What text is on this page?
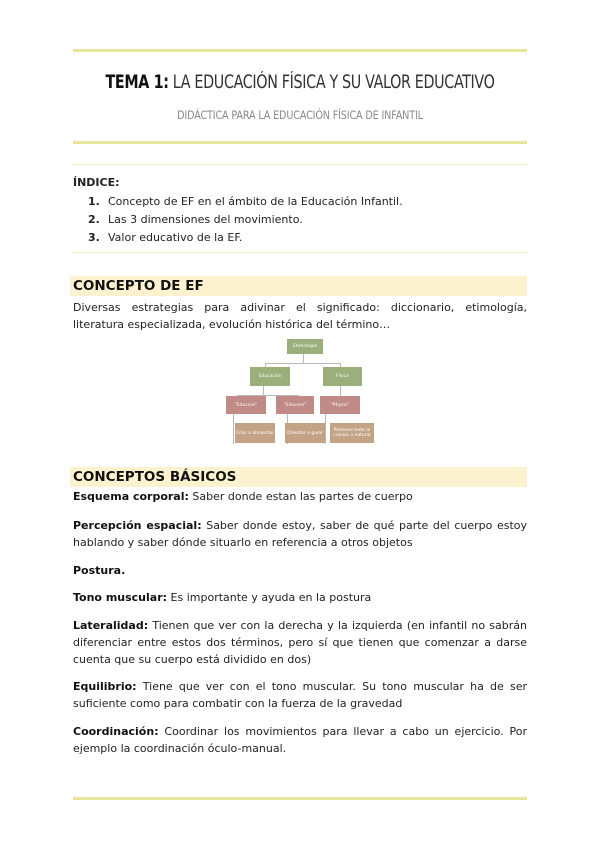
TEMA 1: LA EDUCACIÓN FÍSICA Y SU VALOR EDUCATIVO
DIDÁCTICA PARA LA EDUCACIÓN FÍSICA DE INFANTIL
ÍNDICE:
1. Concepto de EF en el ámbito de la Educación Infantil.
2. Las 3 dimensiones del movimiento.
3. Valor educativo de la EF.
CONCEPTO DE EF
Diversas estrategias para adivinar el significado: diccionario, etimología, literatura especializada, evolución histórica del término…
Etimología
Educación	Física
"Educare"	"Educere"	"Physis"
Criar o alimentar	Orientar o guiar	Perteneciente al cuerpo o natural
CONCEPTOS BÁSICOS
Esquema corporal: Saber donde estan las partes de cuerpo
Percepción espacial: Saber donde estoy, saber de qué parte del cuerpo estoy hablando y saber dónde situarlo en referencia a otros objetos
Postura.
Tono muscular: Es importante y ayuda en la postura
Lateralidad: Tienen que ver con la derecha y la izquierda (en infantil no sabrán diferenciar entre estos dos términos, pero sí que tienen que comenzar a darse cuenta que su cuerpo está dividido en dos)
Equilibrio: Tiene que ver con el tono muscular. Su tono muscular ha de ser suficiente como para combatir con la fuerza de la gravedad
Coordinación: Coordinar los movimientos para llevar a cabo un ejercicio. Por ejemplo la coordinación óculo-manual.
